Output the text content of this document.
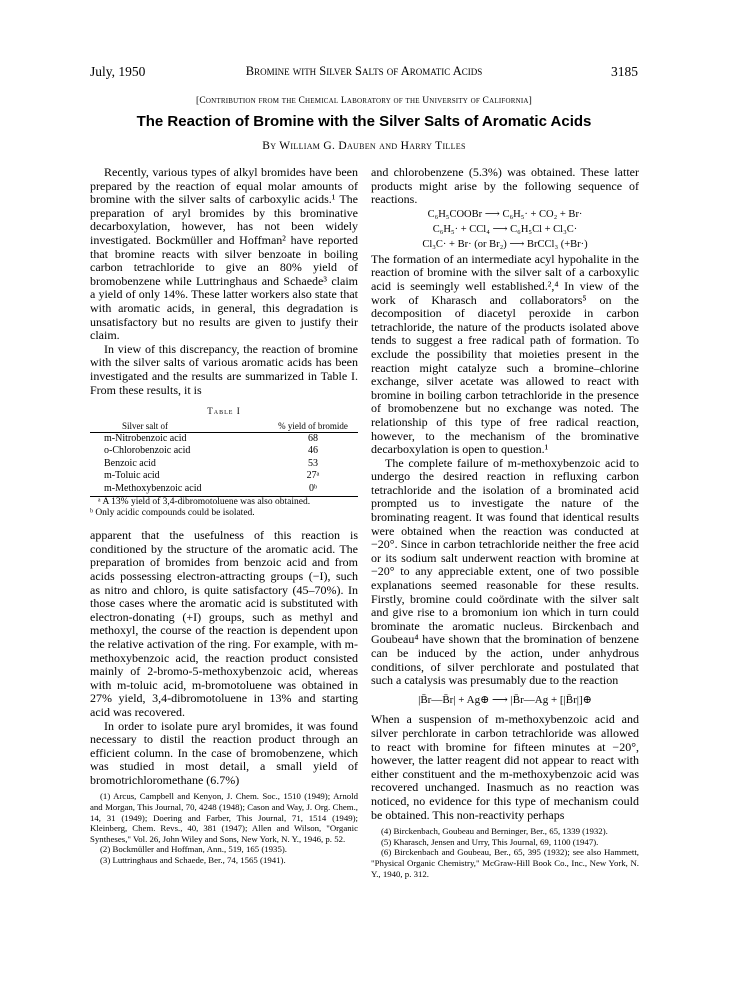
July, 1950	Bromine with Silver Salts of Aromatic Acids	3185
[Contribution from the Chemical Laboratory of the University of California]
The Reaction of Bromine with the Silver Salts of Aromatic Acids
By William G. Dauben and Harry Tilles

Recently, various types of alkyl bromides have been prepared by the reaction of equal molar amounts of bromine with the silver salts of carboxylic acids.¹ The preparation of aryl bromides by this brominative decarboxylation, however, has not been widely investigated. Bockmüller and Hoffman² have reported that bromine reacts with silver benzoate in boiling carbon tetrachloride to give an 80% yield of bromobenzene while Luttringhaus and Schaede³ claim a yield of only 14%. These latter workers also state that with aromatic acids, in general, this degradation is unsatisfactory but no results are given to justify their claim.

In view of this discrepancy, the reaction of bromine with the silver salts of various aromatic acids has been investigated and the results are summarized in Table I. From these results, it is

Table I
Silver salt of	% yield of bromide
m-Nitrobenzoic acid	68
o-Chlorobenzoic acid	46
Benzoic acid	53
m-Toluic acid	27ᵃ
m-Methoxybenzoic acid	0ᵇ
ᵃ A 13% yield of 3,4-dibromotoluene was also obtained.
ᵇ Only acidic compounds could be isolated.

apparent that the usefulness of this reaction is conditioned by the structure of the aromatic acid. The preparation of bromides from benzoic acid and from acids possessing electron-attracting groups (−I), such as nitro and chloro, is quite satisfactory (45–70%). In those cases where the aromatic acid is substituted with electron-donating (+I) groups, such as methyl and methoxyl, the course of the reaction is dependent upon the relative activation of the ring. For example, with m-methoxybenzoic acid, the reaction product consisted mainly of 2-bromo-5-methoxybenzoic acid, whereas with m-toluic acid, m-bromotoluene was obtained in 27% yield, 3,4-dibromotoluene in 13% and starting acid was recovered.

In order to isolate pure aryl bromides, it was found necessary to distil the reaction product through an efficient column. In the case of bromobenzene, which was studied in most detail, a small yield of bromotrichloromethane (6.7%)

(1) Arcus, Campbell and Kenyon, J. Chem. Soc., 1510 (1949); Arnold and Morgan, This Journal, 70, 4248 (1948); Cason and Way, J. Org. Chem., 14, 31 (1949); Doering and Farber, This Journal, 71, 1514 (1949); Kleinberg, Chem. Revs., 40, 381 (1947); Allen and Wilson, "Organic Syntheses," Vol. 26, John Wiley and Sons, New York, N. Y., 1946, p. 52.
(2) Bockmüller and Hoffman, Ann., 519, 165 (1935).
(3) Luttringhaus and Schaede, Ber., 74, 1565 (1941).

and chlorobenzene (5.3%) was obtained. These latter products might arise by the following sequence of reactions.

C₆H₅COOBr ⟶ C₆H₅· + CO₂ + Br·
C₆H₅· + CCl₄ ⟶ C₆H₅Cl + Cl₃C·
Cl₃C· + Br· (or Br₂) ⟶ BrCCl₃ (+Br·)

The formation of an intermediate acyl hypohalite in the reaction of bromine with the silver salt of a carboxylic acid is seemingly well established.²,⁴ In view of the work of Kharasch and collaborators⁵ on the decomposition of diacetyl peroxide in carbon tetrachloride, the nature of the products isolated above tends to suggest a free radical path of formation. To exclude the possibility that moieties present in the reaction might catalyze such a bromine–chlorine exchange, silver acetate was allowed to react with bromine in boiling carbon tetrachloride in the presence of bromobenzene but no exchange was noted. The relationship of this type of free radical reaction, however, to the mechanism of the brominative decarboxylation is open to question.¹

The complete failure of m-methoxybenzoic acid to undergo the desired reaction in refluxing carbon tetrachloride and the isolation of a brominated acid prompted us to investigate the nature of the brominating reagent. It was found that identical results were obtained when the reaction was conducted at −20°. Since in carbon tetrachloride neither the free acid or its sodium salt underwent reaction with bromine at −20° to any appreciable extent, one of two possible explanations seemed reasonable for these results. Firstly, bromine could coördinate with the silver salt and give rise to a bromonium ion which in turn could brominate the aromatic nucleus. Birckenbach and Goubeau⁴ have shown that the bromination of benzene can be induced by the action, under anhydrous conditions, of silver perchlorate and postulated that such a catalysis was presumably due to the reaction

|B̄r—B̄r| + Ag⊕ ⟶ |B̄r—Ag + [|B̄r|]⊕

When a suspension of m-methoxybenzoic acid and silver perchlorate in carbon tetrachloride was allowed to react with bromine for fifteen minutes at −20°, however, the latter reagent did not appear to react with either constituent and the m-methoxybenzoic acid was recovered unchanged. Inasmuch as no reaction was noticed, no evidence for this type of mechanism could be obtained. This non-reactivity perhaps

(4) Birckenbach, Goubeau and Berninger, Ber., 65, 1339 (1932).
(5) Kharasch, Jensen and Urry, This Journal, 69, 1100 (1947).
(6) Birckenbach and Goubeau, Ber., 65, 395 (1932); see also Hammett, "Physical Organic Chemistry," McGraw-Hill Book Co., Inc., New York, N. Y., 1940, p. 312.
